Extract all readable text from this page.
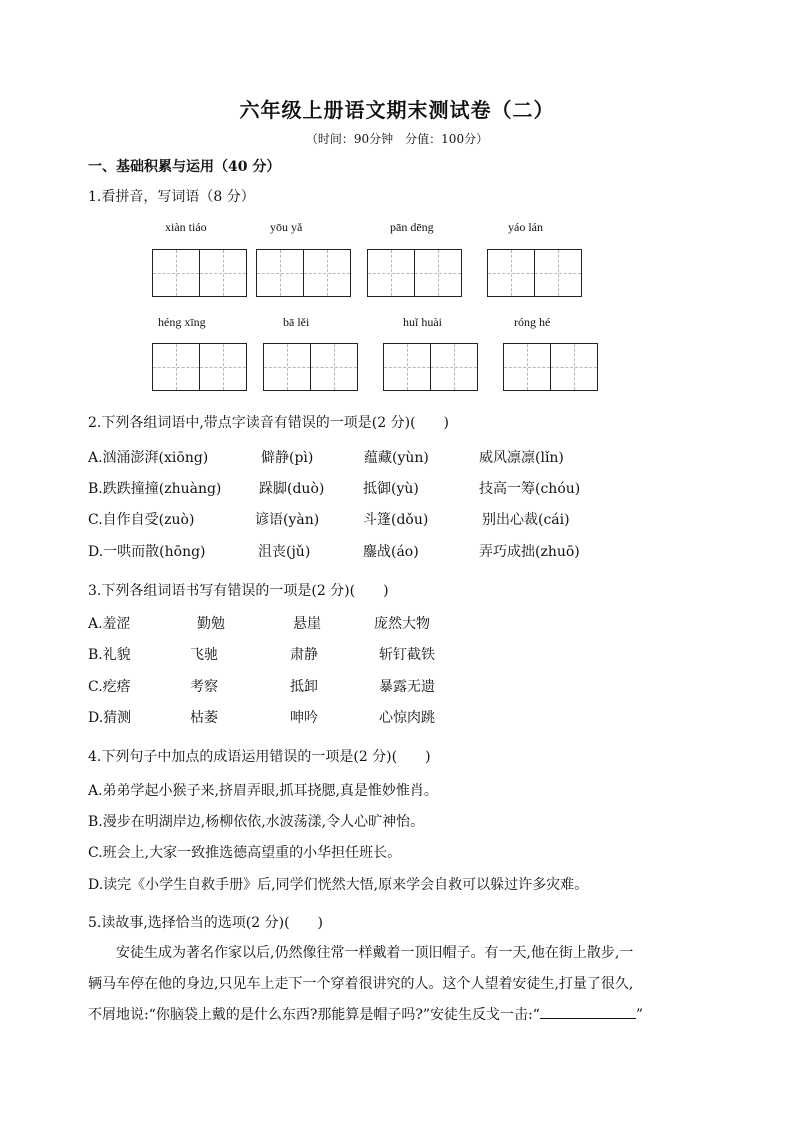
六年级上册语文期末测试卷（二）
（时间：90分钟　分值：100分）
一、基础积累与运用（40 分）
1.看拼音，写词语（8 分）
xiàn tiáo	yōu yǎ	pān dēng	yáo lán
héng xīng	bā lěi	huǐ huài	róng hé
2.下列各组词语中,带点字读音有错误的一项是(2 分)(　　)
A.汹涌澎湃(xiōng)	僻静(pì)	蕴藏(yùn)	威风凛凛(lǐn)
B.跌跌撞撞(zhuàng)	跺脚(duò)	抵御(yù)	技高一筹(chóu)
C.自作自受(zuò)	谚语(yàn)	斗篷(dǒu)	别出心裁(cái)
D.一哄而散(hōng)	沮丧(jǔ)	鏖战(áo)	弄巧成拙(zhuō)
3.下列各组词语书写有错误的一项是(2 分)(　　)
A.羞涩	勤勉	悬崖	庞然大物
B.礼貌	飞驰	肃静	斩钉截铁
C.疙瘩	考察	抵卸	暴露无遗
D.猜测	枯萎	呻吟	心惊肉跳
4.下列句子中加点的成语运用错误的一项是(2 分)(　　)
A.弟弟学起小猴子来,挤眉弄眼,抓耳挠腮,真是惟妙惟肖。
B.漫步在明湖岸边,杨柳依依,水波荡漾,令人心旷神怡。
C.班会上,大家一致推选德高望重的小华担任班长。
D.读完《小学生自救手册》后,同学们恍然大悟,原来学会自救可以躲过许多灾难。
5.读故事,选择恰当的选项(2 分)(　　)
安徒生成为著名作家以后,仍然像往常一样戴着一顶旧帽子。有一天,他在街上散步,一
辆马车停在他的身边,只见车上走下一个穿着很讲究的人。这个人望着安徒生,打量了很久,
不屑地说:“你脑袋上戴的是什么东西?那能算是帽子吗?”安徒生反戈一击:“	”
